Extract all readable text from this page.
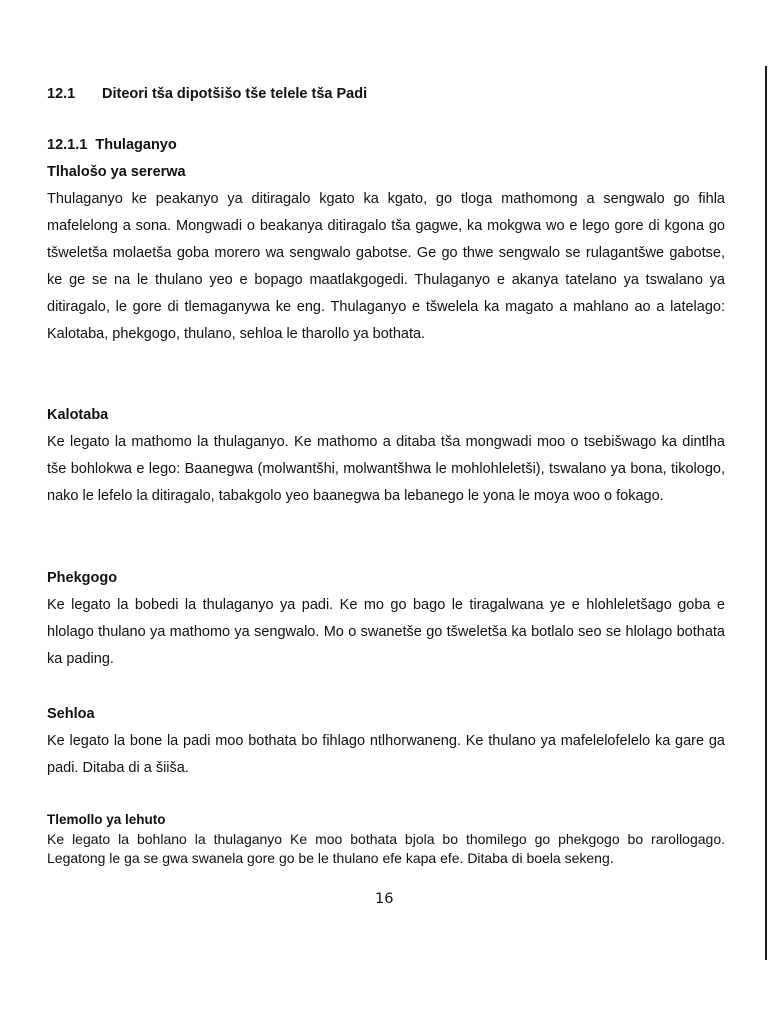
12.1 Diteori tša dipotšišo tše telele tša Padi
12.1.1 Thulaganyo
Tlhalošo ya sererwa
Thulaganyo ke peakanyo ya ditiragalo kgato ka kgato, go tloga mathomong a sengwalo go fihla mafelelong a sona. Mongwadi o beakanya ditiragalo tša gagwe, ka mokgwa wo e lego gore di kgona go tšweletša molaetša goba morero wa sengwalo gabotse. Ge go thwe sengwalo se rulagantšwe gabotse, ke ge se na le thulano yeo e bopago maatlakgogedi. Thulaganyo e akanya tatelano ya tswalano ya ditiragalo, le gore di tlemaganywa ke eng. Thulaganyo e tšwelela ka magato a mahlano ao a latelago: Kalotaba, phekgogo, thulano, sehloa le tharollo ya bothata.
Kalotaba
Ke legato la mathomo la thulaganyo. Ke mathomo a ditaba tša mongwadi moo o tsebišwago ka dintlha tše bohlokwa e lego: Baanegwa (molwantšhi, molwantšhwa le mohlohleletši), tswalano ya bona, tikologo, nako le lefelo la ditiragalo, tabakgolo yeo baanegwa ba lebanego le yona le moya woo o fokago.
Phekgogo
Ke legato la bobedi la thulaganyo ya padi. Ke mo go bago le tiragalwana ye e hlohleletšago goba e hlolago thulano ya mathomo ya sengwalo. Mo o swanetše go tšweletša ka botlalo seo se hlolago bothata ka pading.
Sehloa
Ke legato la bone la padi moo bothata bo fihlago ntlhorwaneng. Ke thulano ya mafelelofelelo ka gare ga padi. Ditaba di a šiiša.
Tlemollo ya lehuto
Ke legato la bohlano la thulaganyo Ke moo bothata bjola bo thomilego go phekgogo bo rarollogago. Legatong le ga se gwa swanela gore go be le thulano efe kapa efe. Ditaba di boela sekeng.
16
